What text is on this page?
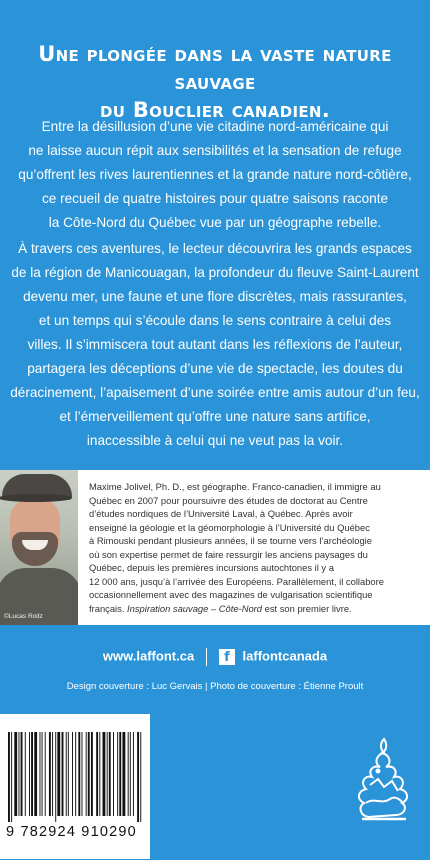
Une plongée dans la vaste nature sauvage
du Bouclier canadien.
Entre la désillusion d’une vie citadine nord-américaine qui
ne laisse aucun répit aux sensibilités et la sensation de refuge
qu’offrent les rives laurentiennes et la grande nature nord-côtière,
ce recueil de quatre histoires pour quatre saisons raconte
la Côte-Nord du Québec vue par un géographe rebelle.
À travers ces aventures, le lecteur découvrira les grands espaces
de la région de Manicouagan, la profondeur du fleuve Saint-Laurent
devenu mer, une faune et une flore discrètes, mais rassurantes,
et un temps qui s’écoule dans le sens contraire à celui des
villes. Il s’immiscera tout autant dans les réflexions de l’auteur,
partagera les déceptions d’une vie de spectacle, les doutes du
déracinement, l’apaisement d’une soirée entre amis autour d’un feu,
et l’émerveillement qu’offre une nature sans artifice,
inaccessible à celui qui ne veut pas la voir.
©Lucas Roitz
Maxime Jolivel, Ph. D., est géographe. Franco-canadien, il immigre au
Québec en 2007 pour poursuivre des études de doctorat au Centre
d’études nordiques de l’Université Laval, à Québec. Après avoir
enseigné la géologie et la géomorphologie à l’Université du Québec
à Rimouski pendant plusieurs années, il se tourne vers l’archéologie
où son expertise permet de faire ressurgir les anciens paysages du
Québec, depuis les premières incursions autochtones il y a
12 000 ans, jusqu’à l’arrivée des Européens. Parallèlement, il collabore
occasionnellement avec des magazines de vulgarisation scientifique
français. Inspiration sauvage – Côte-Nord est son premier livre.
www.laffont.ca f laffontcanada
Design couverture : Luc Gervais | Photo de couverture : Étienne Proult
9 782924 910290
